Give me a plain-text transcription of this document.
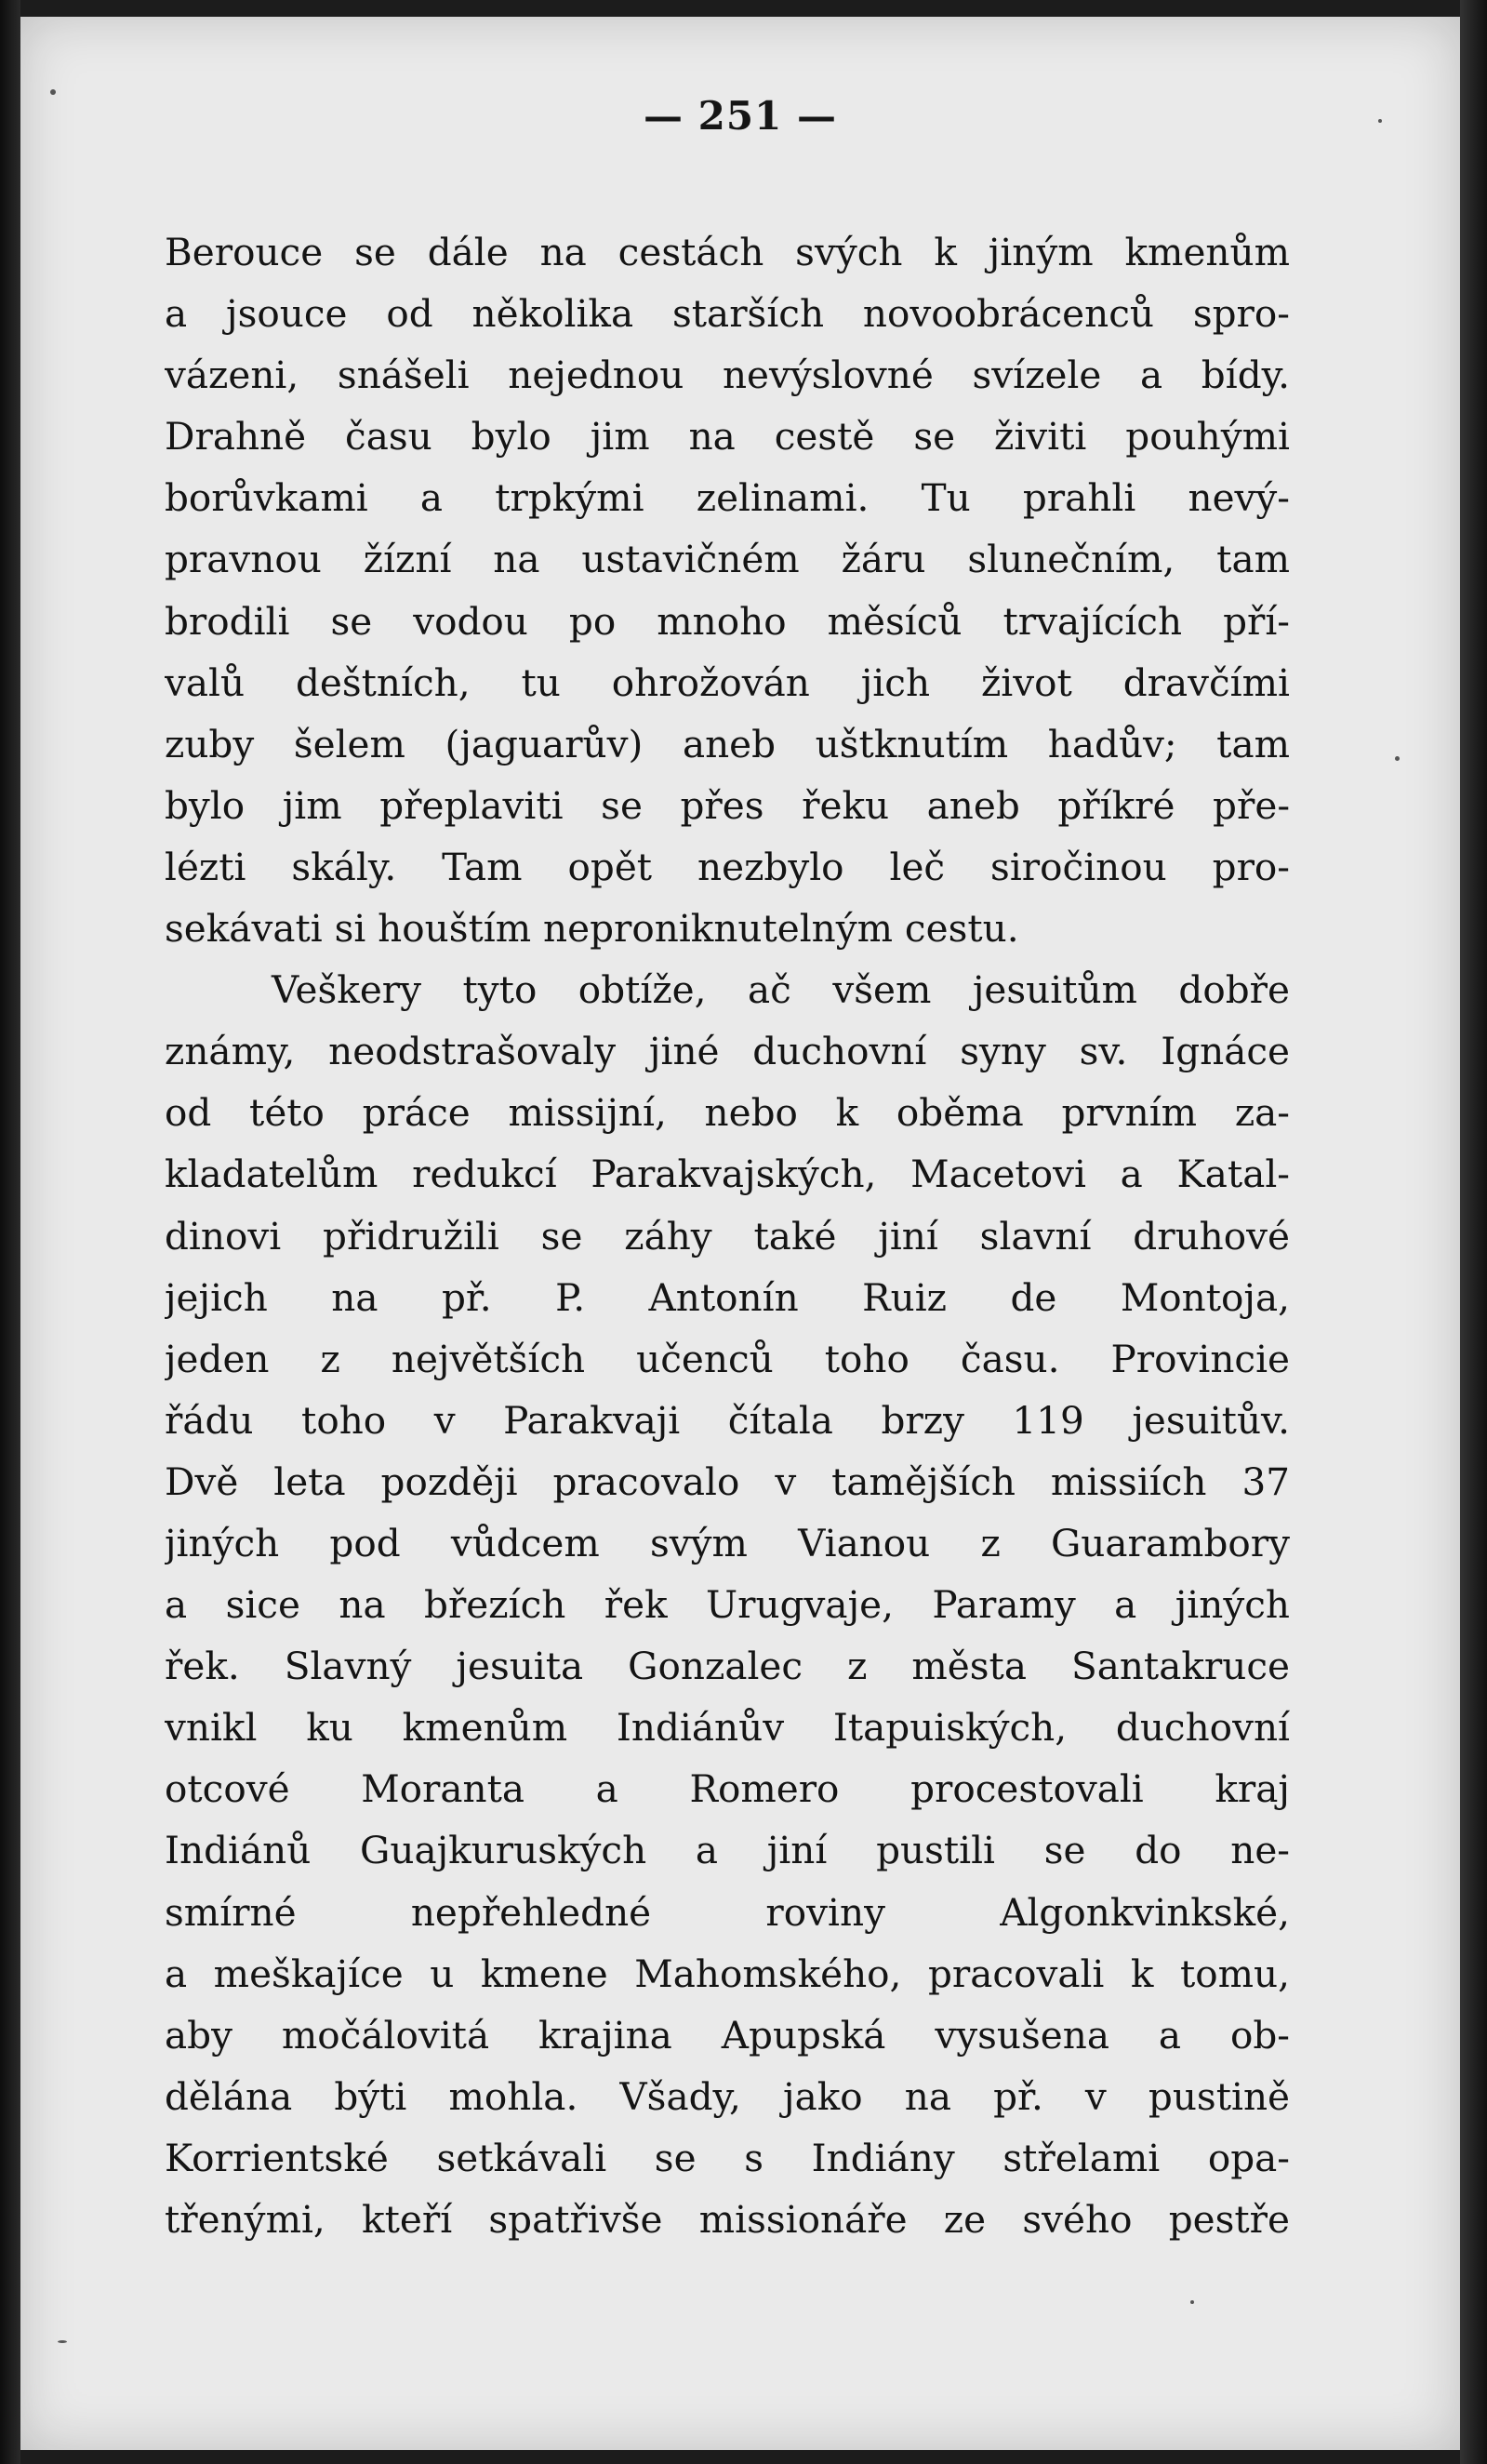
— 251 —
Berouce se dále na cestách svých k jiným kmenům
a jsouce od několika starších novoobrácenců spro-
vázeni, snášeli nejednou nevýslovné svízele a bídy.
Drahně času bylo jim na cestě se živiti pouhými
borůvkami a trpkými zelinami. Tu prahli nevý-
pravnou žízní na ustavičném žáru slunečním, tam
brodili se vodou po mnoho měsíců trvajících pří-
valů deštních, tu ohrožován jich život dravčími
zuby šelem (jaguarův) aneb uštknutím hadův; tam
bylo jim přeplaviti se přes řeku aneb příkré pře-
lézti skály. Tam opět nezbylo leč siročinou pro-
sekávati si houštím neproniknutelným cestu.
Veškery tyto obtíže, ač všem jesuitům dobře
známy, neodstrašovaly jiné duchovní syny sv. Ignáce
od této práce missijní, nebo k oběma prvním za-
kladatelům redukcí Parakvajských, Macetovi a Katal-
dinovi přidružili se záhy také jiní slavní druhové
jejich na př. P. Antonín Ruiz de Montoja,
jeden z největších učenců toho času. Provincie
řádu toho v Parakvaji čítala brzy 119 jesuitův.
Dvě leta později pracovalo v tamějších missiích 37
jiných pod vůdcem svým Vianou z Guarambory
a sice na březích řek Urugvaje, Paramy a jiných
řek. Slavný jesuita Gonzalec z města Santakruce
vnikl ku kmenům Indiánův Itapuiských, duchovní
otcové Moranta a Romero procestovali kraj
Indiánů Guajkuruských a jiní pustili se do ne-
smírné nepřehledné roviny Algonkvinkské,
a meškajíce u kmene Mahomského, pracovali k tomu,
aby močálovitá krajina Apupská vysušena a ob-
dělána býti mohla. Všady, jako na př. v pustině
Korrientské setkávali se s Indiány střelami opa-
třenými, kteří spatřivše missionáře ze svého pestře
